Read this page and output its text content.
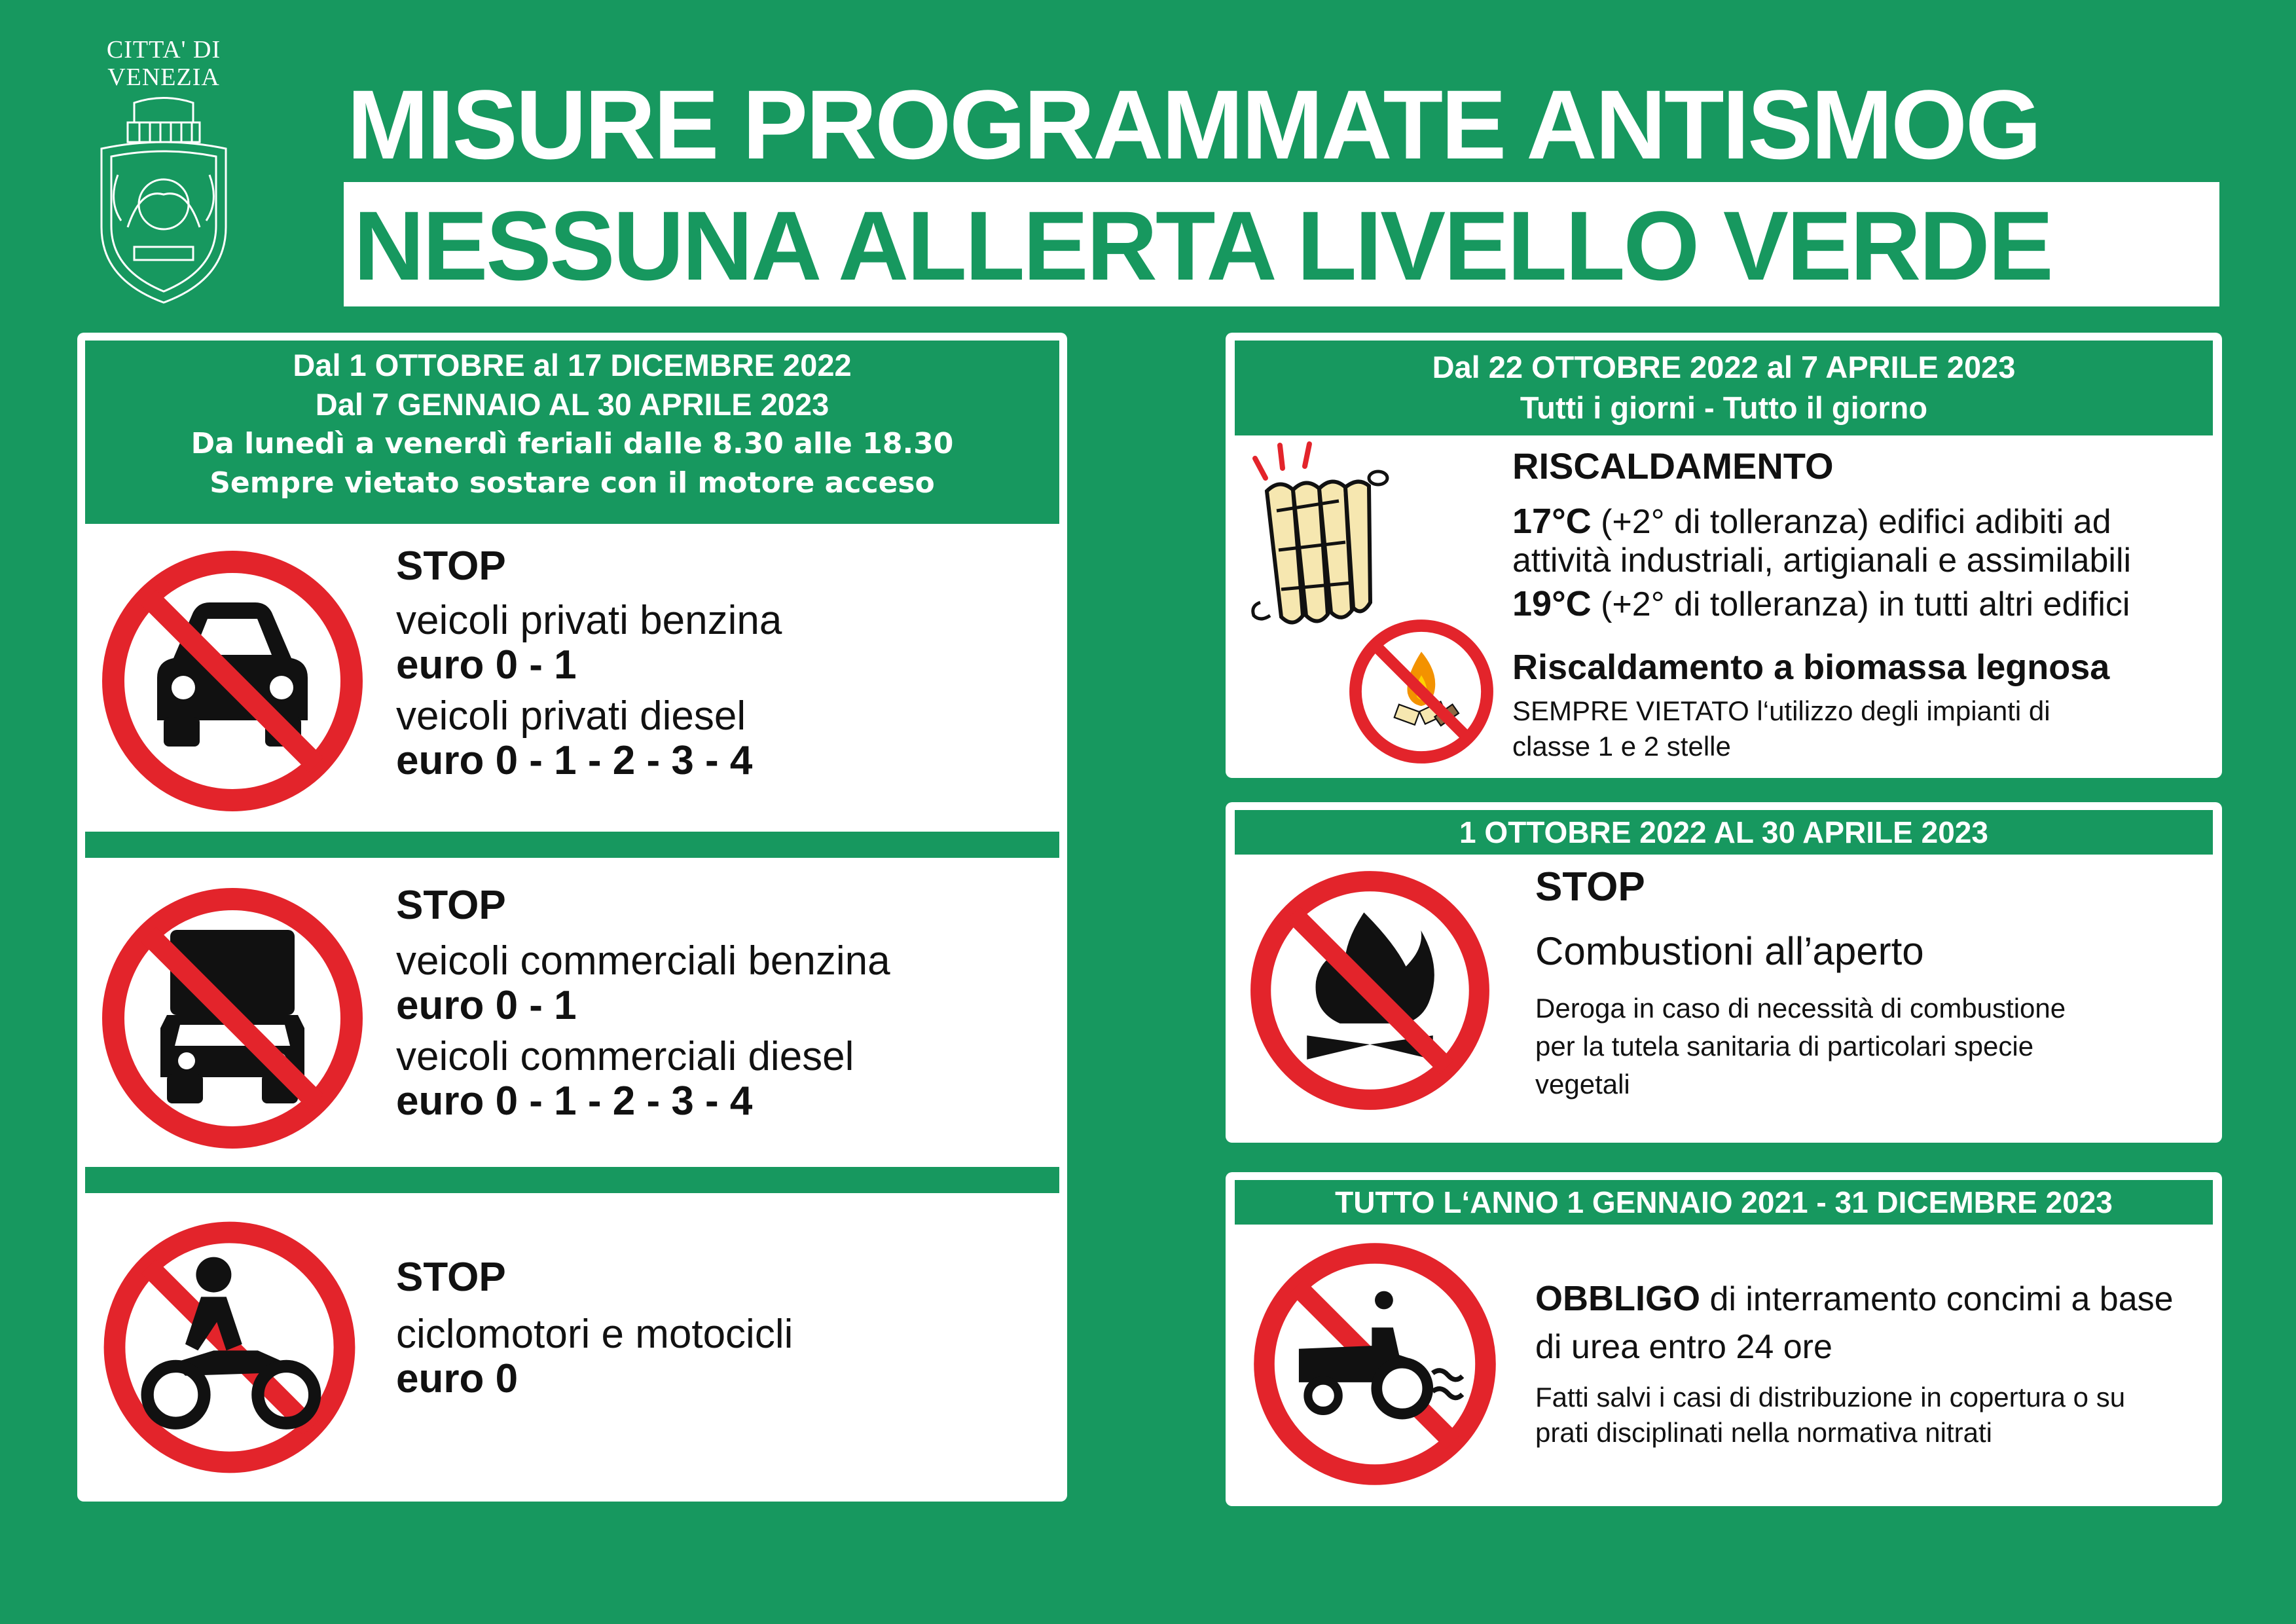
CITTA' DI
VENEZIA MISURE PROGRAMMATE ANTISMOG
NESSUNA ALLERTA LIVELLO VERDE
Dal 1 OTTOBRE al 17 DICEMBRE 2022
Dal 7 GENNAIO AL 30 APRILE 2023
Da lunedì a venerdì feriali dalle 8.30 alle 18.30
Sempre vietato sostare con il motore acceso
STOP
veicoli privati benzina
euro 0 - 1
veicoli privati diesel
euro 0 - 1 - 2 - 3 - 4
STOP
veicoli commerciali benzina
euro 0 - 1
veicoli commerciali diesel
euro 0 - 1 - 2 - 3 - 4
STOP
ciclomotori e motocicli
euro 0
Dal 22 OTTOBRE 2022 al 7 APRILE 2023
Tutti i giorni - Tutto il giorno
RISCALDAMENTO
17°C (+2° di tolleranza) edifici adibiti ad
attività industriali, artigianali e assimilabili
19°C (+2° di tolleranza) in tutti altri edifici
Riscaldamento a biomassa legnosa
SEMPRE VIETATO l‘utilizzo degli impianti di
classe 1 e 2 stelle
1 OTTOBRE 2022 AL 30 APRILE 2023
STOP
Combustioni all’aperto
Deroga in caso di necessità di combustione
per la tutela sanitaria di particolari specie
vegetali
TUTTO L‘ANNO 1 GENNAIO 2021 - 31 DICEMBRE 2023
OBBLIGO di interramento concimi a base
di urea entro 24 ore
Fatti salvi i casi di distribuzione in copertura o su
prati disciplinati nella normativa nitrati
